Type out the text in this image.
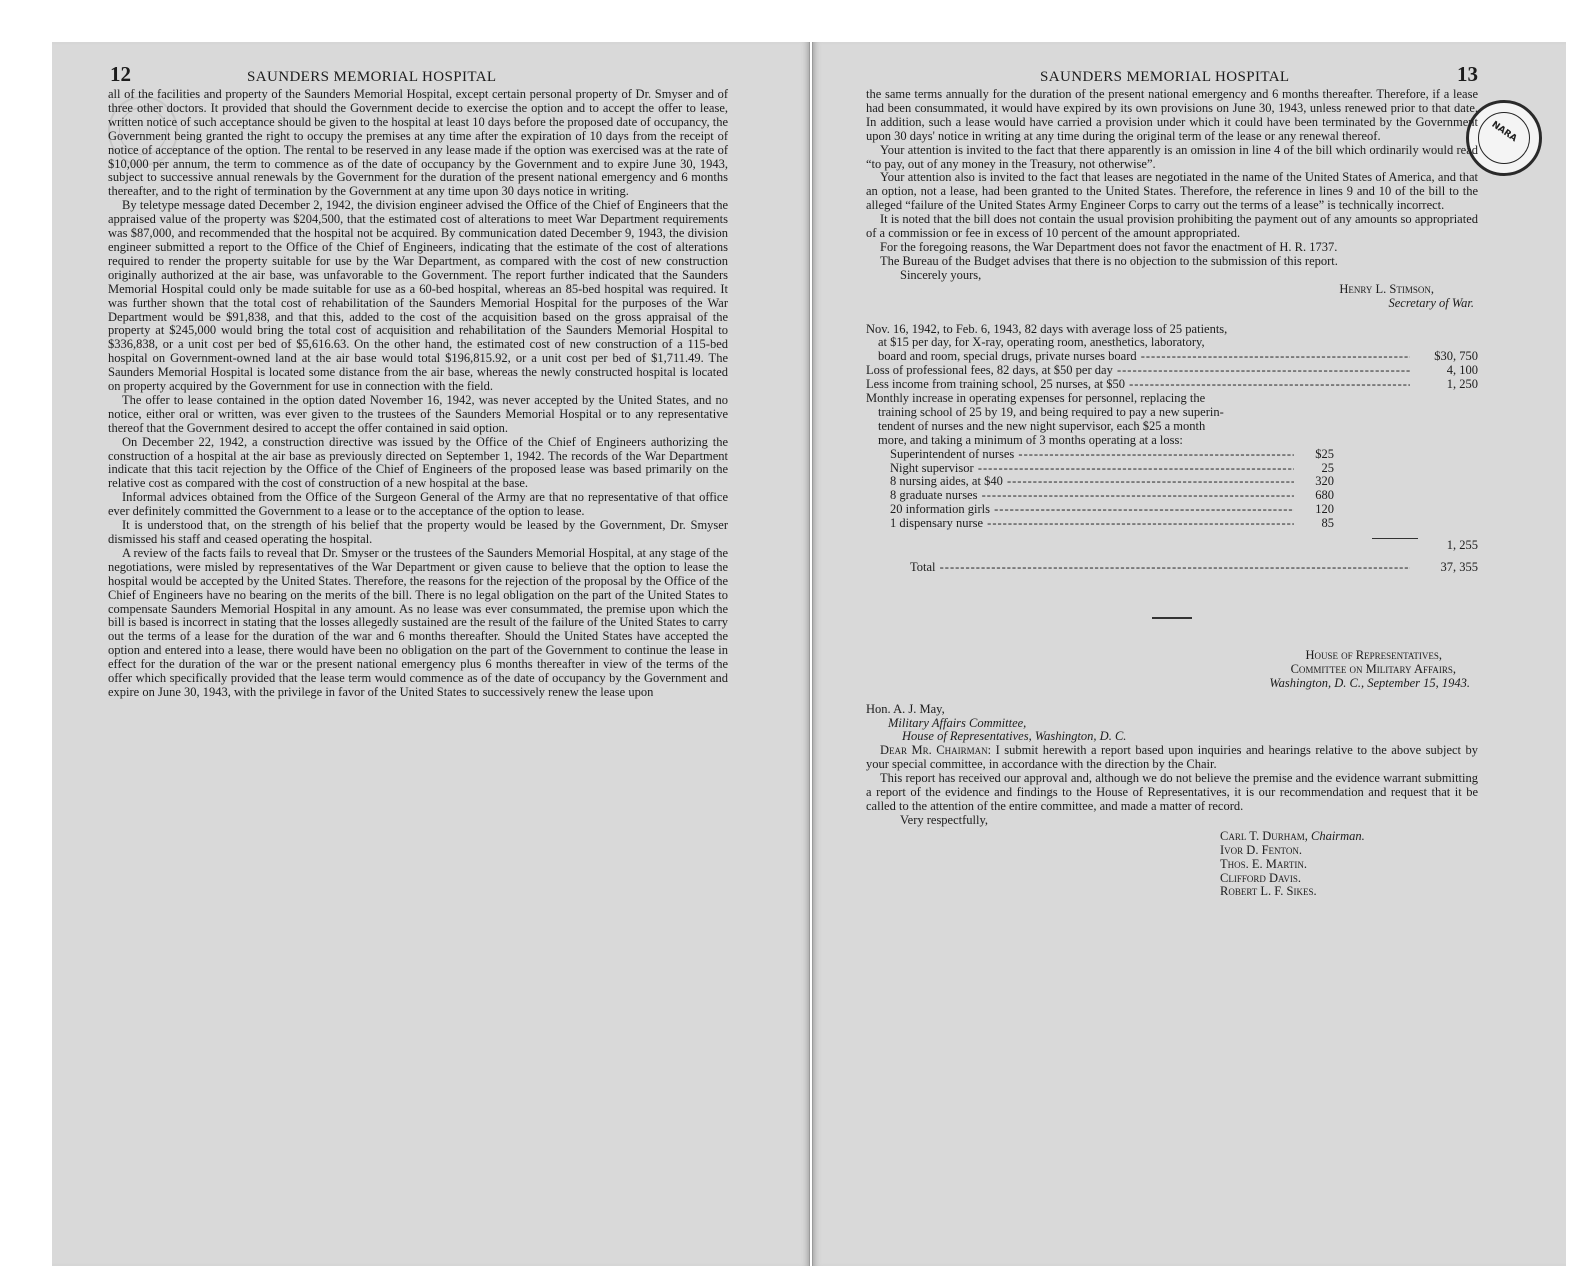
12	SAUNDERS MEMORIAL HOSPITAL

all of the facilities and property of the Saunders Memorial Hospital, except certain personal property of Dr. Smyser and of three other doctors. It provided that should the Government decide to exercise the option and to accept the offer to lease, written notice of such acceptance should be given to the hospital at least 10 days before the proposed date of occupancy, the Government being granted the right to occupy the premises at any time after the expiration of 10 days from the receipt of notice of acceptance of the option. The rental to be reserved in any lease made if the option was exercised was at the rate of $10,000 per annum, the term to commence as of the date of occupancy by the Government and to expire June 30, 1943, subject to successive annual renewals by the Government for the duration of the present national emergency and 6 months thereafter, and to the right of termination by the Government at any time upon 30 days notice in writing.

By teletype message dated December 2, 1942, the division engineer advised the Office of the Chief of Engineers that the appraised value of the property was $204,500, that the estimated cost of alterations to meet War Department requirements was $87,000, and recommended that the hospital not be acquired. By communication dated December 9, 1943, the division engineer submitted a report to the Office of the Chief of Engineers, indicating that the estimate of the cost of alterations required to render the property suitable for use by the War Department, as compared with the cost of new construction originally authorized at the air base, was unfavorable to the Government. The report further indicated that the Saunders Memorial Hospital could only be made suitable for use as a 60-bed hospital, whereas an 85-bed hospital was required. It was further shown that the total cost of rehabilitation of the Saunders Memorial Hospital for the purposes of the War Department would be $91,838, and that this, added to the cost of the acquisition based on the gross appraisal of the property at $245,000 would bring the total cost of acquisition and rehabilitation of the Saunders Memorial Hospital to $336,838, or a unit cost per bed of $5,616.63. On the other hand, the estimated cost of new construction of a 115-bed hospital on Government-owned land at the air base would total $196,815.92, or a unit cost per bed of $1,711.49. The Saunders Memorial Hospital is located some distance from the air base, whereas the newly constructed hospital is located on property acquired by the Government for use in connection with the field.

The offer to lease contained in the option dated November 16, 1942, was never accepted by the United States, and no notice, either oral or written, was ever given to the trustees of the Saunders Memorial Hospital or to any representative thereof that the Government desired to accept the offer contained in said option.

On December 22, 1942, a construction directive was issued by the Office of the Chief of Engineers authorizing the construction of a hospital at the air base as previously directed on September 1, 1942. The records of the War Department indicate that this tacit rejection by the Office of the Chief of Engineers of the proposed lease was based primarily on the relative cost as compared with the cost of construction of a new hospital at the base.

Informal advices obtained from the Office of the Surgeon General of the Army are that no representative of that office ever definitely committed the Government to a lease or to the acceptance of the option to lease.

It is understood that, on the strength of his belief that the property would be leased by the Government, Dr. Smyser dismissed his staff and ceased operating the hospital.

A review of the facts fails to reveal that Dr. Smyser or the trustees of the Saunders Memorial Hospital, at any stage of the negotiations, were misled by representatives of the War Department or given cause to believe that the option to lease the hospital would be accepted by the United States. Therefore, the reasons for the rejection of the proposal by the Office of the Chief of Engineers have no bearing on the merits of the bill. There is no legal obligation on the part of the United States to compensate Saunders Memorial Hospital in any amount. As no lease was ever consummated, the premise upon which the bill is based is incorrect in stating that the losses allegedly sustained are the result of the failure of the United States to carry out the terms of a lease for the duration of the war and 6 months thereafter. Should the United States have accepted the option and entered into a lease, there would have been no obligation on the part of the Government to continue the lease in effect for the duration of the war or the present national emergency plus 6 months thereafter in view of the terms of the offer which specifically provided that the lease term would commence as of the date of occupancy by the Government and expire on June 30, 1943, with the privilege in favor of the United States to successively renew the lease upon

SAUNDERS MEMORIAL HOSPITAL	13
NARA

the same terms annually for the duration of the present national emergency and 6 months thereafter. Therefore, if a lease had been consummated, it would have expired by its own provisions on June 30, 1943, unless renewed prior to that date. In addition, such a lease would have carried a provision under which it could have been terminated by the Government upon 30 days' notice in writing at any time during the original term of the lease or any renewal thereof.

Your attention is invited to the fact that there apparently is an omission in line 4 of the bill which ordinarily would read “to pay, out of any money in the Treasury, not otherwise”.

Your attention also is invited to the fact that leases are negotiated in the name of the United States of America, and that an option, not a lease, had been granted to the United States. Therefore, the reference in lines 9 and 10 of the bill to the alleged “failure of the United States Army Engineer Corps to carry out the terms of a lease” is technically incorrect.

It is noted that the bill does not contain the usual provision prohibiting the payment out of any amounts so appropriated of a commission or fee in excess of 10 percent of the amount appropriated.

For the foregoing reasons, the War Department does not favor the enactment of H. R. 1737.

The Bureau of the Budget advises that there is no objection to the submission of this report.

Sincerely yours,

Henry L. Stimson,

Secretary of War.

Nov. 16, 1942, to Feb. 6, 1943, 82 days with average loss of 25 patients,
at $15 per day, for X-ray, operating room, anesthetics, laboratory,
board and room, special drugs, private nurses board -----	$30, 750
Loss of professional fees, 82 days, at $50 per day -----	4, 100
Less income from training school, 25 nurses, at $50 -----	1, 250
Monthly increase in operating expenses for personnel, replacing the
training school of 25 by 19, and being required to pay a new superin-
tendent of nurses and the new night supervisor, each $25 a month
more, and taking a minimum of 3 months operating at a loss:
Superintendent of nurses -----	$25
Night supervisor -----	25
8 nursing aides, at $40 -----	320
8 graduate nurses -----	680
20 information girls -----	120
1 dispensary nurse -----	85
1, 255
Total -----	37, 355

House of Representatives,

Committee on Military Affairs,

Washington, D. C., September 15, 1943.

Hon. A. J. May,

Military Affairs Committee,

House of Representatives, Washington, D. C.

Dear Mr. Chairman: I submit herewith a report based upon inquiries and hearings relative to the above subject by your special committee, in accordance with the direction by the Chair.

This report has received our approval and, although we do not believe the premise and the evidence warrant submitting a report of the evidence and findings to the House of Representatives, it is our recommendation and request that it be called to the attention of the entire committee, and made a matter of record.

Very respectfully,

Carl T. Durham, Chairman.

Ivor D. Fenton.

Thos. E. Martin.

Clifford Davis.

Robert L. F. Sikes.
